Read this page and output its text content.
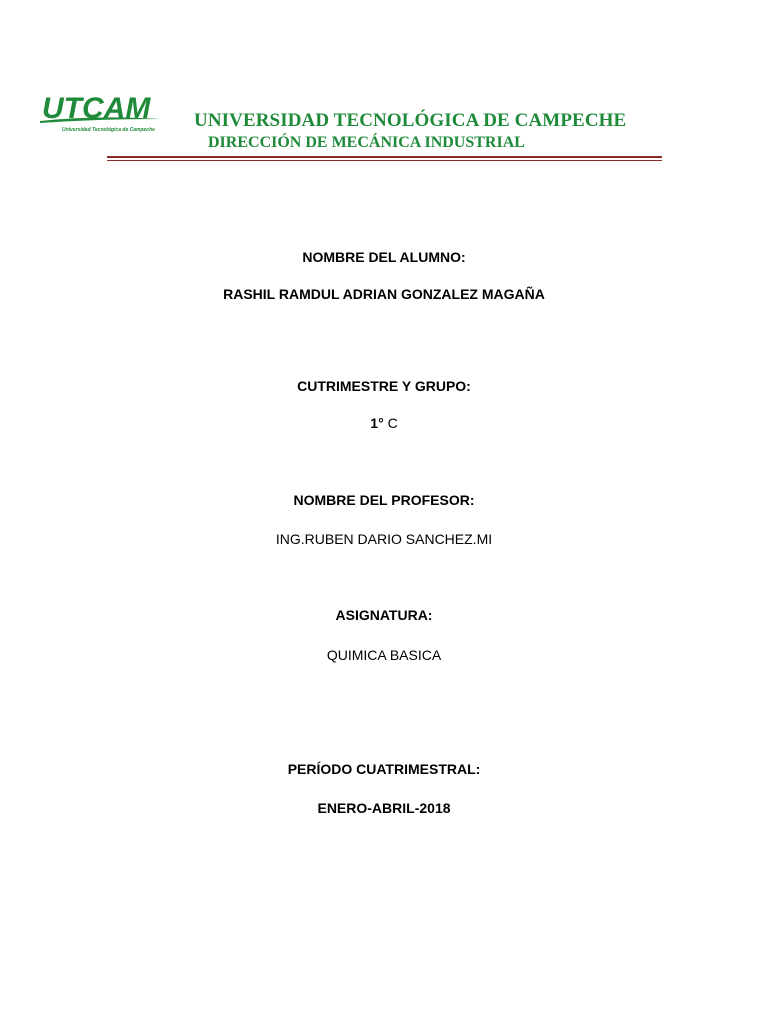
UTCAM
Universidad Tecnológica de Campeche UNIVERSIDAD TECNOLÓGICA DE CAMPECHE
DIRECCIÓN DE MECÁNICA INDUSTRIAL
NOMBRE DEL ALUMNO:
RASHIL RAMDUL ADRIAN GONZALEZ MAGAÑA
CUTRIMESTRE Y GRUPO:
1° C
NOMBRE DEL PROFESOR:
ING.RUBEN DARIO SANCHEZ.MI
ASIGNATURA:
QUIMICA BASICA
PERÍODO CUATRIMESTRAL:
ENERO-ABRIL-2018
